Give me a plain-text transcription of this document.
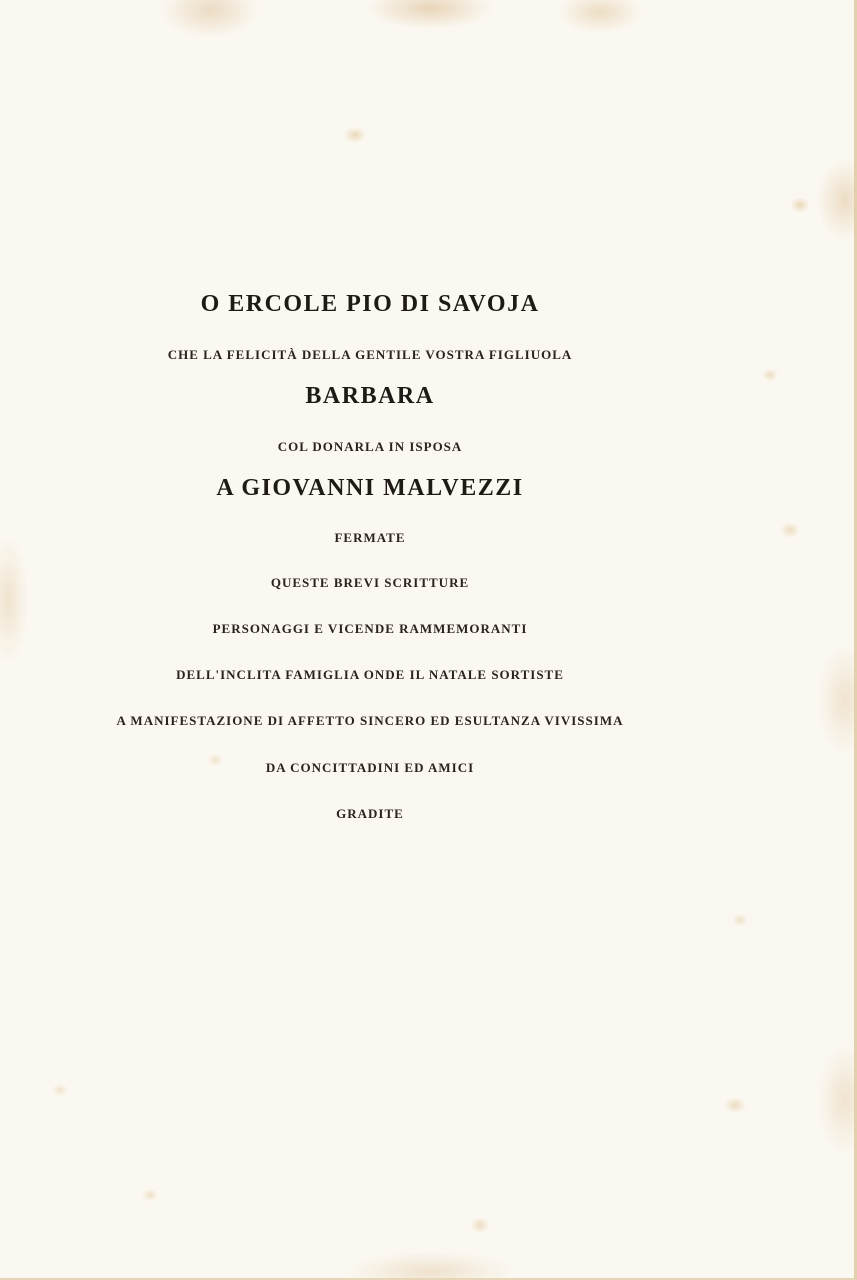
O ERCOLE PIO DI SAVOJA
CHE LA FELICITÀ DELLA GENTILE VOSTRA FIGLIUOLA
BARBARA
COL DONARLA IN ISPOSA
A GIOVANNI MALVEZZI
FERMATE
QUESTE BREVI SCRITTURE
PERSONAGGI E VICENDE RAMMEMORANTI
DELL'INCLITA FAMIGLIA ONDE IL NATALE SORTISTE
A MANIFESTAZIONE DI AFFETTO SINCERO ED ESULTANZA VIVISSIMA
DA CONCITTADINI ED AMICI
GRADITE
